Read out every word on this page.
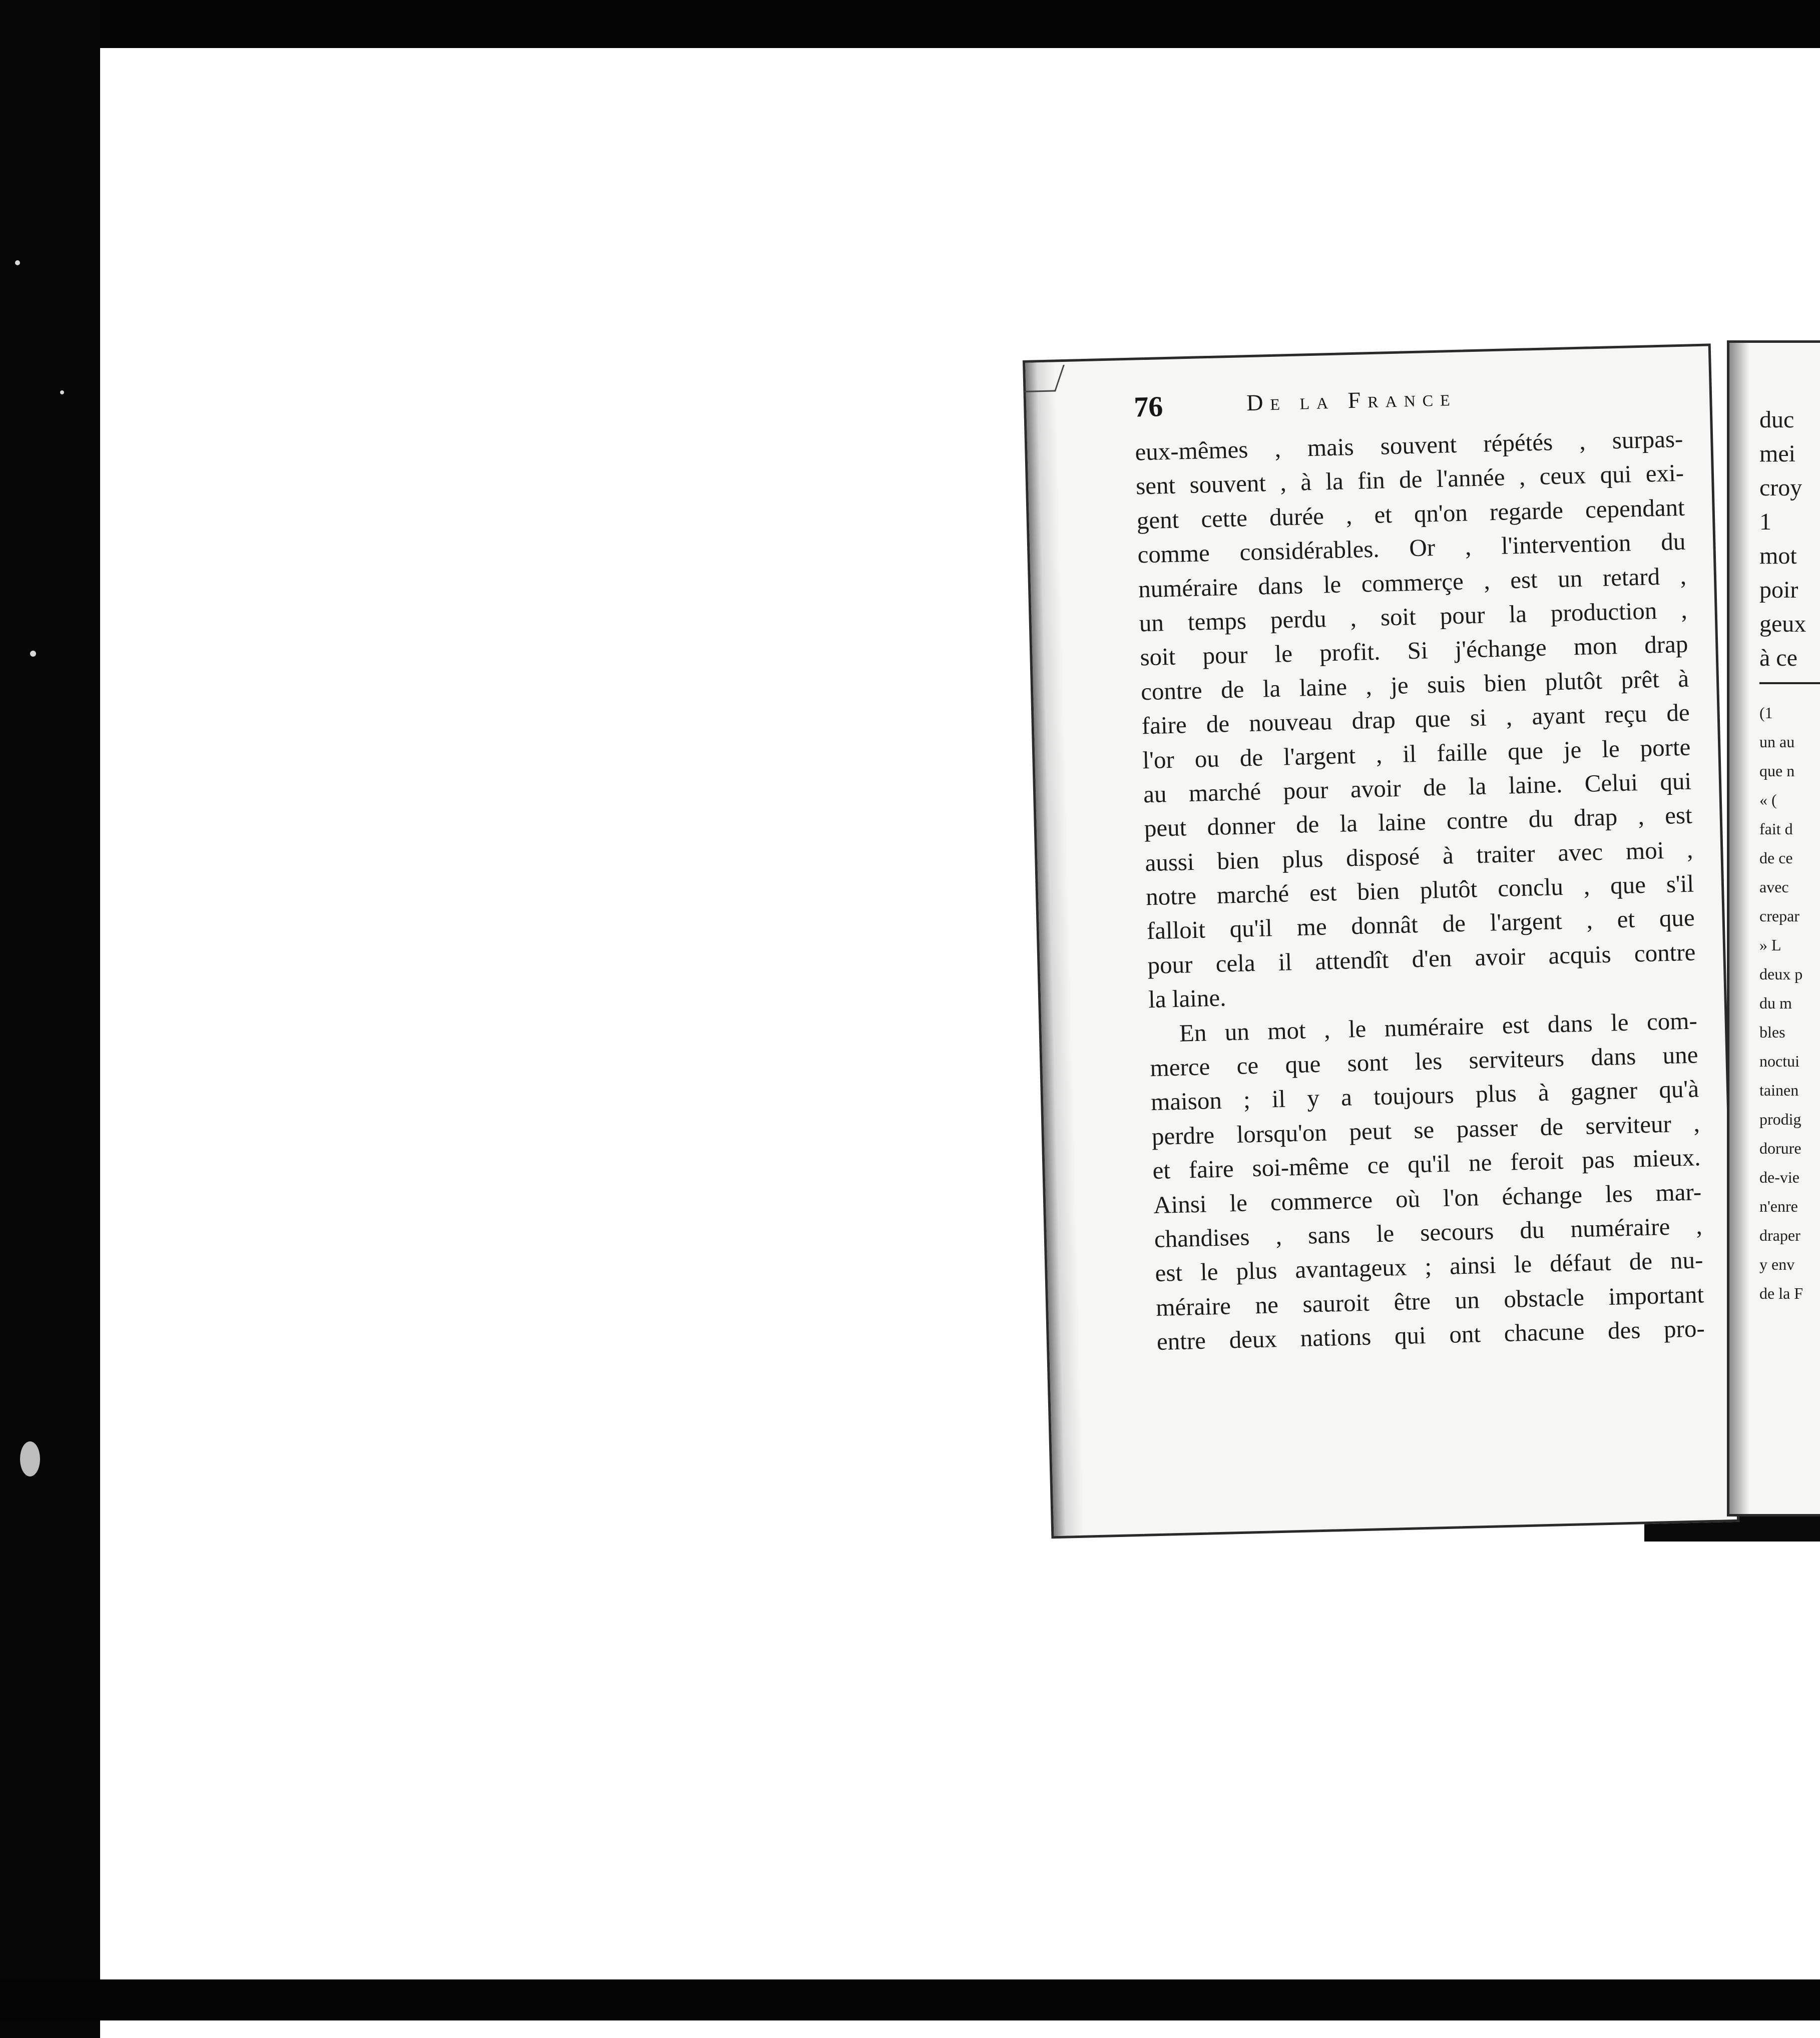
76	De la France
eux-mêmes , mais souvent répétés , surpas-
sent souvent , à la fin de l'année , ceux qui exi-
gent cette durée , et qn'on regarde cependant
comme considérables. Or , l'intervention du
numéraire dans le commerçe , est un retard ,
un temps perdu , soit pour la production ,
soit pour le profit. Si j'échange mon drap
contre de la laine , je suis bien plutôt prêt à
faire de nouveau drap que si , ayant reçu de
l'or ou de l'argent , il faille que je le porte
au marché pour avoir de la laine. Celui qui
peut donner de la laine contre du drap , est
aussi bien plus disposé à traiter avec moi ,
notre marché est bien plutôt conclu , que s'il
falloit qu'il me donnât de l'argent , et que
pour cela il attendît d'en avoir acquis contre
la laine.
En un mot , le numéraire est dans le com-
merce ce que sont les serviteurs dans une
maison ; il y a toujours plus à gagner qu'à
perdre lorsqu'on peut se passer de serviteur ,
et faire soi-même ce qu'il ne feroit pas mieux.
Ainsi le commerce où l'on échange les mar-
chandises , sans le secours du numéraire ,
est le plus avantageux ; ainsi le défaut de nu-
méraire ne sauroit être un obstacle important
entre deux nations qui ont chacune des pro-
duc
mei
croy
1
mot
poir
geux
à ce
(1
un au
que n
« (
fait d
de ce
avec
crepar
» L
deux p
du m
bles
noctui
tainen
prodig
dorure
de-vie
n'enre
draper
y env
de la F
